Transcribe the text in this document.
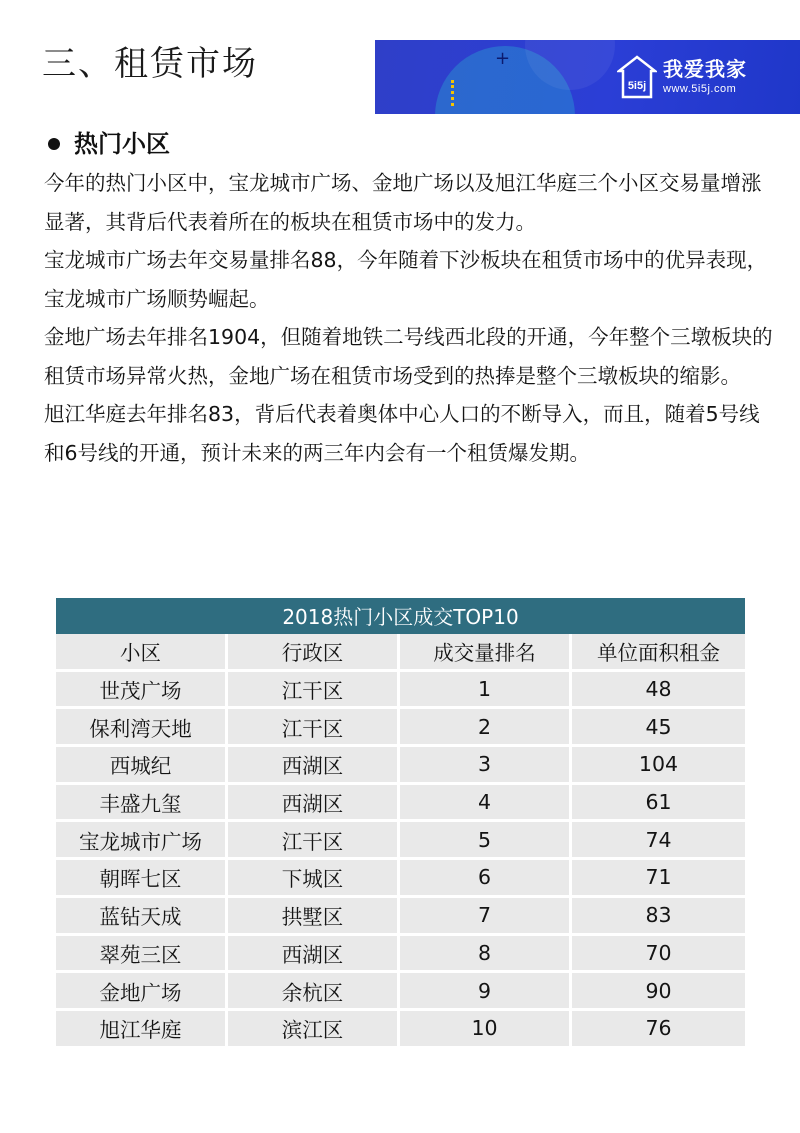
三、租赁市场	+
5i5j
我爱我家
www.5i5j.com
热门小区

今年的热门小区中，宝龙城市广场、金地广场以及旭江华庭三个小区交易量增涨显著，其背后代表着所在的板块在租赁市场中的发力。

宝龙城市广场去年交易量排名88，今年随着下沙板块在租赁市场中的优异表现，宝龙城市广场顺势崛起。

金地广场去年排名1904，但随着地铁二号线西北段的开通，今年整个三墩板块的租赁市场异常火热，金地广场在租赁市场受到的热捧是整个三墩板块的缩影。

旭江华庭去年排名83，背后代表着奥体中心人口的不断导入，而且，随着5号线和6号线的开通，预计未来的两三年内会有一个租赁爆发期。

2018热门小区成交TOP10
小区	行政区	成交量排名	单位面积租金
世茂广场	江干区	1	48
保利湾天地	江干区	2	45
西城纪	西湖区	3	104
丰盛九玺	西湖区	4	61
宝龙城市广场	江干区	5	74
朝晖七区	下城区	6	71
蓝钻天成	拱墅区	7	83
翠苑三区	西湖区	8	70
金地广场	余杭区	9	90
旭江华庭	滨江区	10	76
